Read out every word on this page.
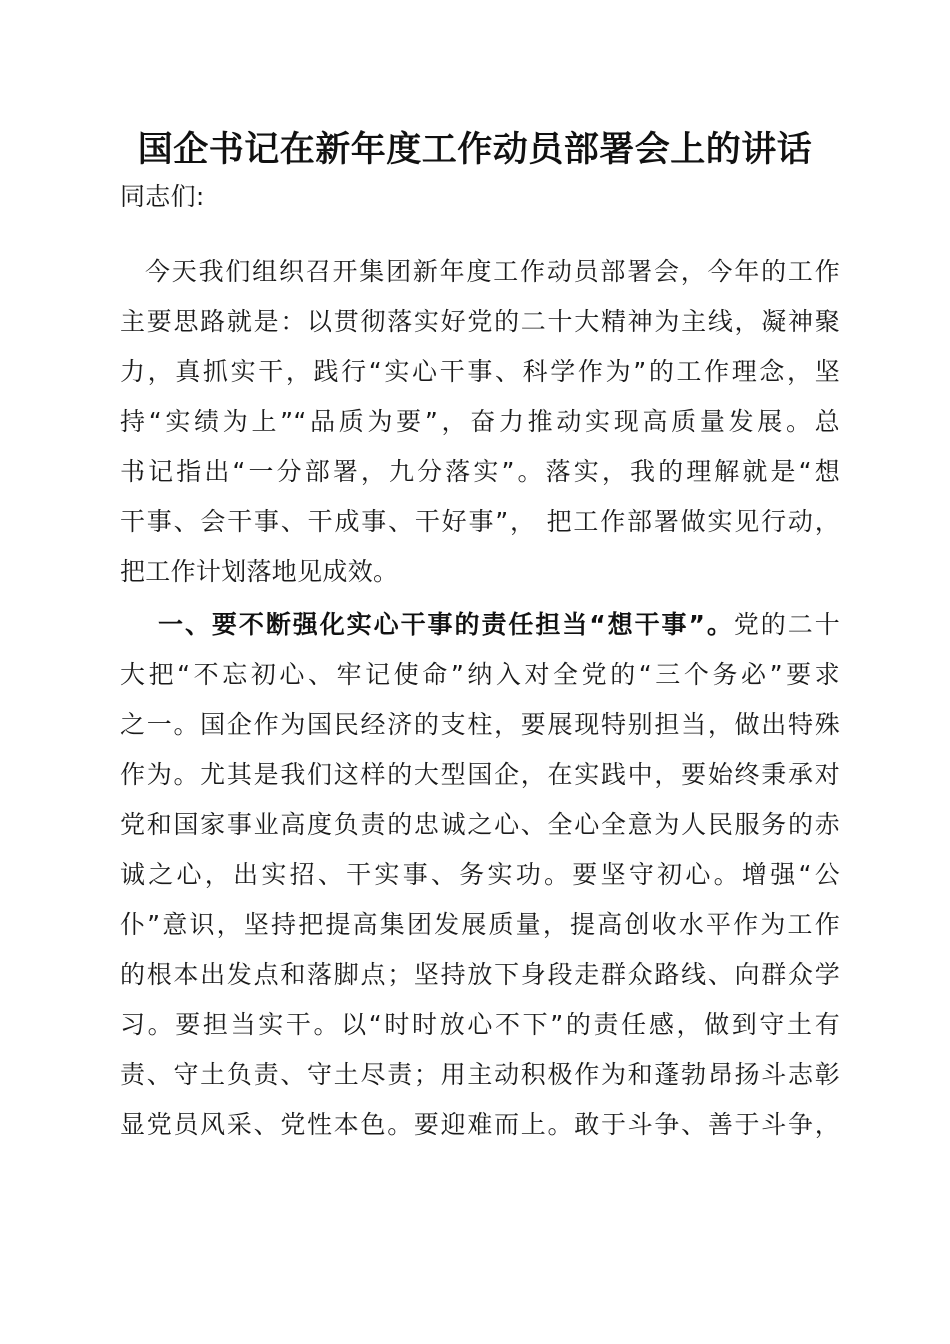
国企书记在新年度工作动员部署会上的讲话
同志们:
今天我们组织召开集团新年度工作动员部署会，今年的工作
主要思路就是：以贯彻落实好党的二十大精神为主线，凝神聚
力，真抓实干，践行“实心干事、科学作为”的工作理念，坚
持“实绩为上”“品质为要”，奋力推动实现高质量发展。总
书记指出“一分部署，九分落实”。落实，我的理解就是“想
干事、会干事、干成事、干好事”， 把工作部署做实见行动，
把工作计划落地见成效。
一、要不断强化实心干事的责任担当“想干事”。党的二十
大把“不忘初心、牢记使命”纳入对全党的“三个务必”要求
之一。国企作为国民经济的支柱，要展现特别担当，做出特殊
作为。尤其是我们这样的大型国企，在实践中，要始终秉承对
党和国家事业高度负责的忠诚之心、全心全意为人民服务的赤
诚之心，出实招、干实事、务实功。要坚守初心。增强“公
仆”意识，坚持把提高集团发展质量，提高创收水平作为工作
的根本出发点和落脚点；坚持放下身段走群众路线、向群众学
习。要担当实干。以“时时放心不下”的责任感，做到守土有
责、守土负责、守土尽责；用主动积极作为和蓬勃昂扬斗志彰
显党员风采、党性本色。要迎难而上。敢于斗争、善于斗争，
